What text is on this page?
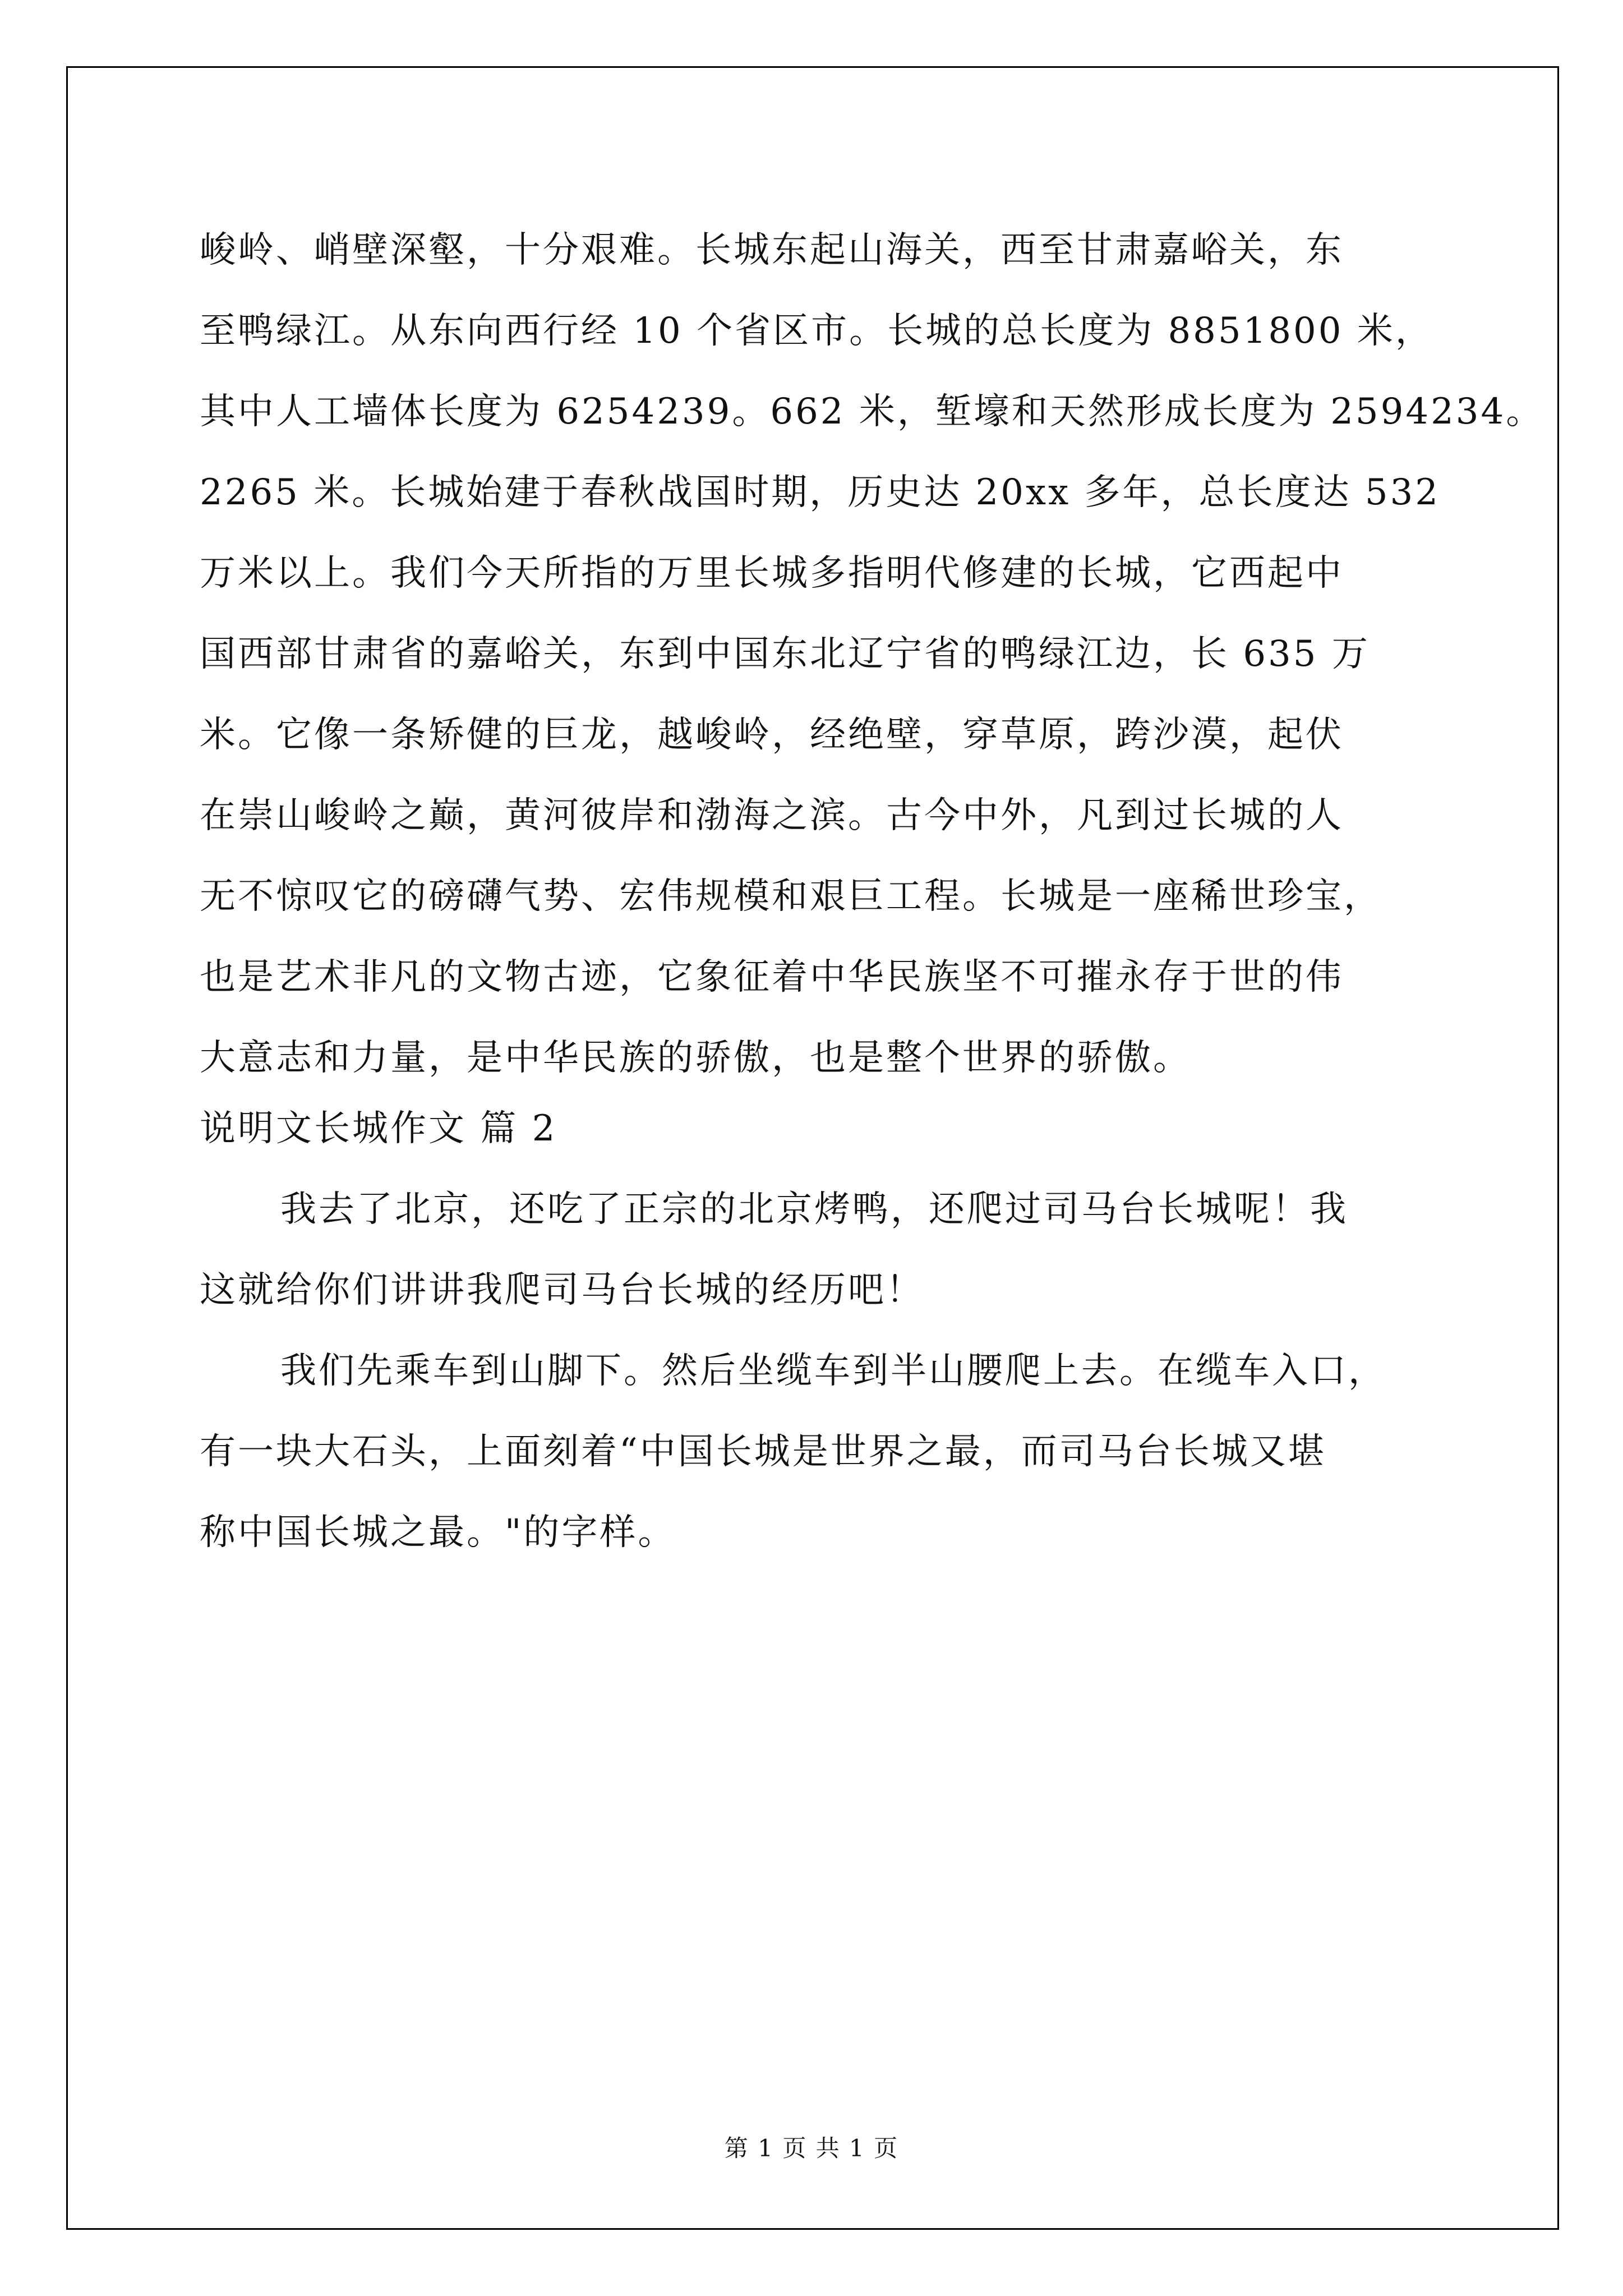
峻岭、峭壁深壑，十分艰难。长城东起山海关，西至甘肃嘉峪关，东
至鸭绿江。从东向西行经 10 个省区市。长城的总长度为 8851800 米，
其中人工墙体长度为 6254239。662 米，堑壕和天然形成长度为 2594234。
2265 米。长城始建于春秋战国时期，历史达 20xx 多年，总长度达 532
万米以上。我们今天所指的万里长城多指明代修建的长城，它西起中
国西部甘肃省的嘉峪关，东到中国东北辽宁省的鸭绿江边，长 635 万
米。它像一条矫健的巨龙，越峻岭，经绝壁，穿草原，跨沙漠，起伏
在崇山峻岭之巅，黄河彼岸和渤海之滨。古今中外，凡到过长城的人
无不惊叹它的磅礴气势、宏伟规模和艰巨工程。长城是一座稀世珍宝，
也是艺术非凡的文物古迹，它象征着中华民族坚不可摧永存于世的伟
大意志和力量，是中华民族的骄傲，也是整个世界的骄傲。
说明文长城作文 篇 2
我去了北京，还吃了正宗的北京烤鸭，还爬过司马台长城呢！我
这就给你们讲讲我爬司马台长城的经历吧！
我们先乘车到山脚下。然后坐缆车到半山腰爬上去。在缆车入口，
有一块大石头，上面刻着“中国长城是世界之最，而司马台长城又堪
称中国长城之最。"的字样。
第 1 页 共 1 页
